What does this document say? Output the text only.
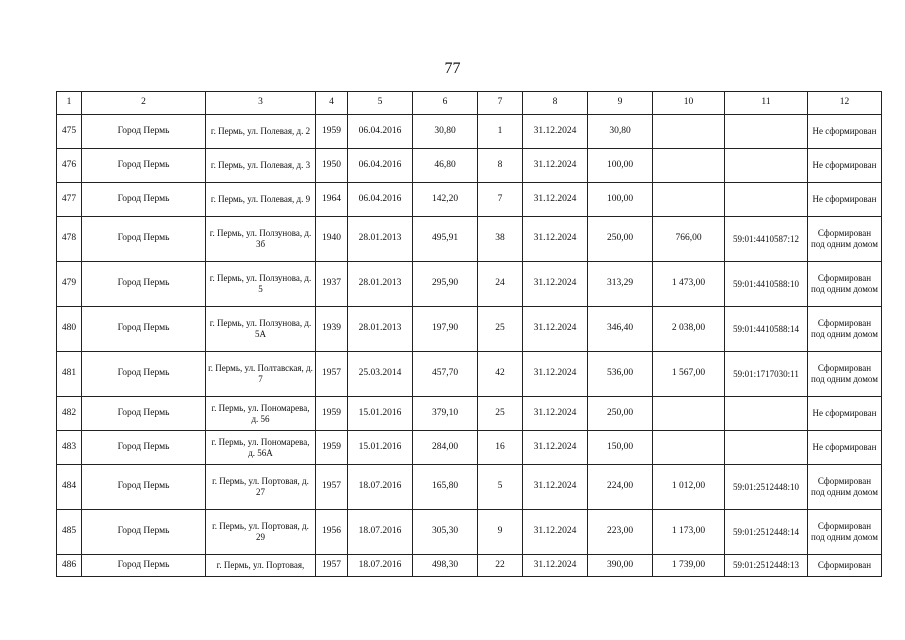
77
1	2	3	4	5	6	7	8	9	10	11	12
475	Город Пермь	г. Пермь, ул. Полевая, д. 2	1959	06.04.2016	30,80	1	31.12.2024	30,80			Не сформирован
476	Город Пермь	г. Пермь, ул. Полевая, д. 3	1950	06.04.2016	46,80	8	31.12.2024	100,00			Не сформирован
477	Город Пермь	г. Пермь, ул. Полевая, д. 9	1964	06.04.2016	142,20	7	31.12.2024	100,00			Не сформирован
478	Город Пермь	г. Пермь, ул. Ползунова, д. 3б	1940	28.01.2013	495,91	38	31.12.2024	250,00	766,00	59:01:4410587:12	Сформирован под одним домом
479	Город Пермь	г. Пермь, ул. Ползунова, д. 5	1937	28.01.2013	295,90	24	31.12.2024	313,29	1 473,00	59:01:4410588:10	Сформирован под одним домом
480	Город Пермь	г. Пермь, ул. Ползунова, д. 5А	1939	28.01.2013	197,90	25	31.12.2024	346,40	2 038,00	59:01:4410588:14	Сформирован под одним домом
481	Город Пермь	г. Пермь, ул. Полтавская, д. 7	1957	25.03.2014	457,70	42	31.12.2024	536,00	1 567,00	59:01:1717030:11	Сформирован под одним домом
482	Город Пермь	г. Пермь, ул. Пономарева, д. 56	1959	15.01.2016	379,10	25	31.12.2024	250,00			Не сформирован
483	Город Пермь	г. Пермь, ул. Пономарева, д. 56А	1959	15.01.2016	284,00	16	31.12.2024	150,00			Не сформирован
484	Город Пермь	г. Пермь, ул. Портовая, д. 27	1957	18.07.2016	165,80	5	31.12.2024	224,00	1 012,00	59:01:2512448:10	Сформирован под одним домом
485	Город Пермь	г. Пермь, ул. Портовая, д. 29	1956	18.07.2016	305,30	9	31.12.2024	223,00	1 173,00	59:01:2512448:14	Сформирован под одним домом
486	Город Пермь	г. Пермь, ул. Портовая,	1957	18.07.2016	498,30	22	31.12.2024	390,00	1 739,00	59:01:2512448:13	Сформирован
